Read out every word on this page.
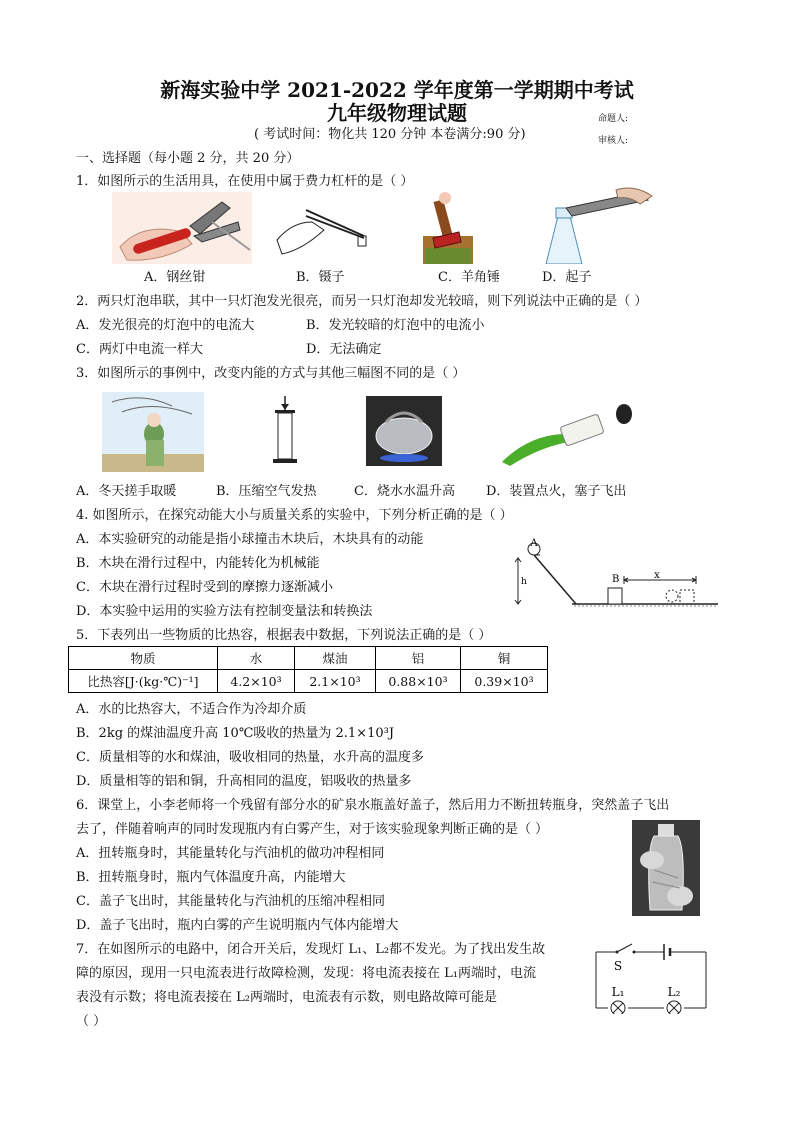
新海实验中学 2021-2022 学年度第一学期期中考试
九年级物理试题	命题人:
审核人:
( 考试时间：物化共 120 分钟 本卷满分:90 分)
一、选择题（每小题 2 分，共 20 分）
1．如图所示的生活用具，在使用中属于费力杠杆的是（ ）
A．钢丝钳	B．镊子	C．羊角锤	D．起子
2．两只灯泡串联，其中一只灯泡发光很亮，而另一只灯泡却发光较暗，则下列说法中正确的是（ ）
A．发光很亮的灯泡中的电流大	B．发光较暗的灯泡中的电流小
C．两灯中电流一样大	D．无法确定
3．如图所示的事例中，改变内能的方式与其他三幅图不同的是（ ）
A．冬天搓手取暖	B．压缩空气发热	C．烧水水温升高 D．装置点火，塞子飞出
4. 如图所示，在探究动能大小与质量关系的实验中，下列分析正确的是（ ）
A．本实验研究的动能是指小球撞击木块后，木块具有的动能
B．木块在滑行过程中，内能转化为机械能
C．木块在滑行过程时受到的摩擦力逐渐减小
D．本实验中运用的实验方法有控制变量法和转换法
A
h	B	x
5．下表列出一些物质的比热容，根据表中数据，下列说法正确的是（ ）
物质	水	煤油	铝	铜
比热容[J·(kg·℃)⁻¹]	4.2×10³	2.1×10³	0.88×10³	0.39×10³
A．水的比热容大，不适合作为冷却介质
B．2kg 的煤油温度升高 10℃吸收的热量为 2.1×10³J
C．质量相等的水和煤油，吸收相同的热量，水升高的温度多
D．质量相等的铝和铜，升高相同的温度，铝吸收的热量多
6．课堂上，小李老师将一个残留有部分水的矿泉水瓶盖好盖子，然后用力不断扭转瓶身，突然盖子飞出
去了，伴随着响声的同时发现瓶内有白雾产生，对于该实验现象判断正确的是（ ）
A．扭转瓶身时，其能量转化与汽油机的做功冲程相同
B．扭转瓶身时，瓶内气体温度升高，内能增大
C．盖子飞出时，其能量转化与汽油机的压缩冲程相同
D．盖子飞出时，瓶内白雾的产生说明瓶内气体内能增大
7．在如图所示的电路中，闭合开关后，发现灯 L₁、L₂都不发光。为了找出发生故
障的原因，现用一只电流表进行故障检测，发现：将电流表接在 L₁两端时，电流
表没有示数；将电流表接在 L₂两端时，电流表有示数，则电路故障可能是
（ ）
S
L₁	L₂
